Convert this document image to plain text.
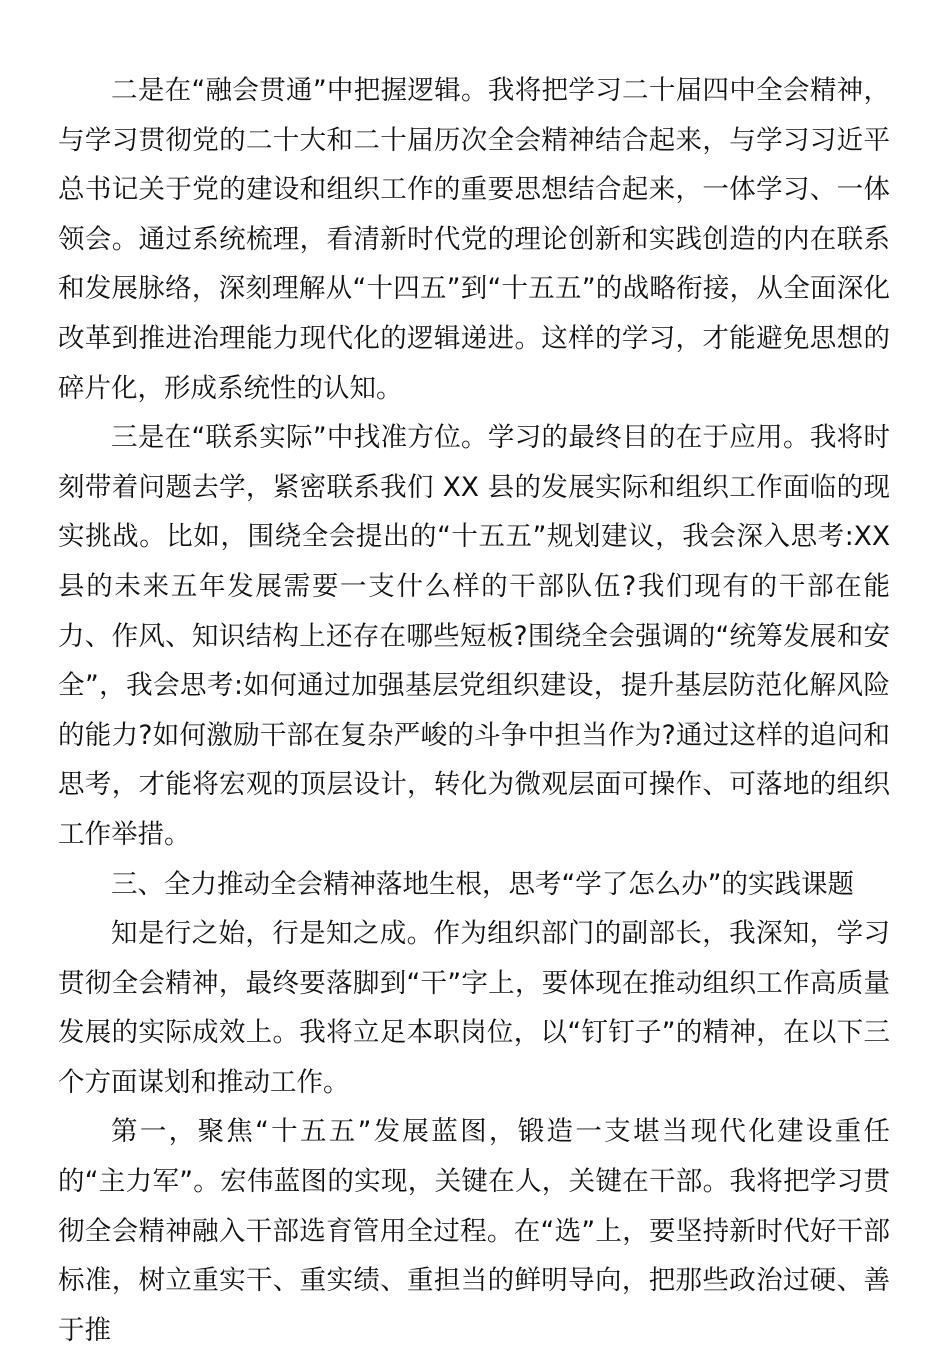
二是在“融会贯通”中把握逻辑。我将把学习二十届四中全会精神，与学习贯彻党的二十大和二十届历次全会精神结合起来，与学习习近平总书记关于党的建设和组织工作的重要思想结合起来，一体学习、一体领会。通过系统梳理，看清新时代党的理论创新和实践创造的内在联系和发展脉络，深刻理解从“十四五”到“十五五”的战略衔接，从全面深化改革到推进治理能力现代化的逻辑递进。这样的学习，才能避免思想的碎片化，形成系统性的认知。

三是在“联系实际”中找准方位。学习的最终目的在于应用。我将时刻带着问题去学，紧密联系我们 XX 县的发展实际和组织工作面临的现实挑战。比如，围绕全会提出的“十五五”规划建议，我会深入思考:XX 县的未来五年发展需要一支什么样的干部队伍?我们现有的干部在能力、作风、知识结构上还存在哪些短板?围绕全会强调的“统筹发展和安全”，我会思考:如何通过加强基层党组织建设，提升基层防范化解风险的能力?如何激励干部在复杂严峻的斗争中担当作为?通过这样的追问和思考，才能将宏观的顶层设计，转化为微观层面可操作、可落地的组织工作举措。

三、全力推动全会精神落地生根，思考“学了怎么办”的实践课题

知是行之始，行是知之成。作为组织部门的副部长，我深知，学习贯彻全会精神，最终要落脚到“干”字上，要体现在推动组织工作高质量发展的实际成效上。我将立足本职岗位，以“钉钉子”的精神，在以下三个方面谋划和推动工作。

第一，聚焦“十五五”发展蓝图，锻造一支堪当现代化建设重任的“主力军”。宏伟蓝图的实现，关键在人，关键在干部。我将把学习贯彻全会精神融入干部选育管用全过程。在“选”上，要坚持新时代好干部标准，树立重实干、重实绩、重担当的鲜明导向，把那些政治过硬、善于推
